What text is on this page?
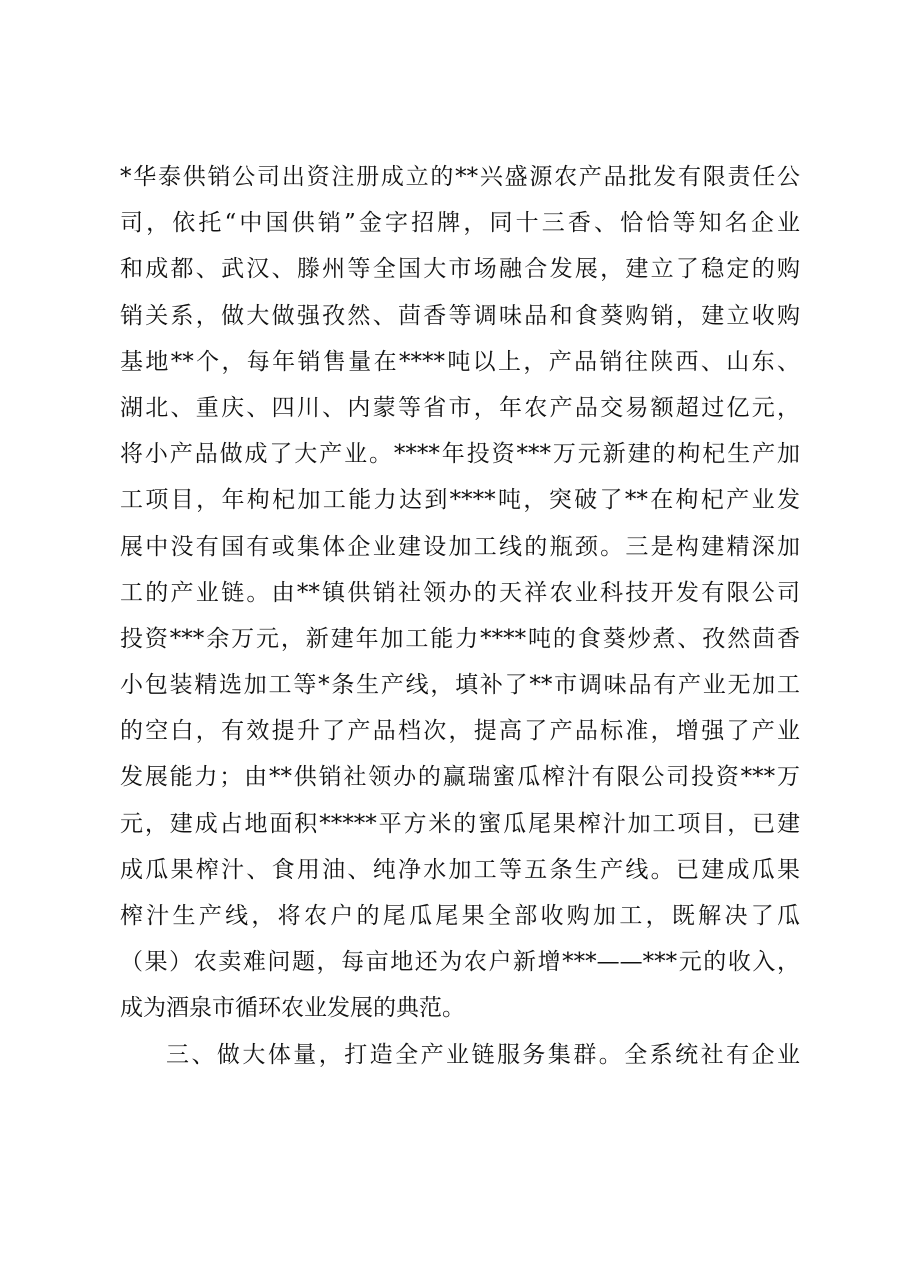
*华泰供销公司出资注册成立的**兴盛源农产品批发有限责任公
司，依托“中国供销”金字招牌，同十三香、恰恰等知名企业
和成都、武汉、滕州等全国大市场融合发展，建立了稳定的购
销关系，做大做强孜然、茴香等调味品和食葵购销，建立收购
基地**个，每年销售量在****吨以上，产品销往陕西、山东、
湖北、重庆、四川、内蒙等省市，年农产品交易额超过亿元，
将小产品做成了大产业。****年投资***万元新建的枸杞生产加
工项目，年枸杞加工能力达到****吨，突破了**在枸杞产业发
展中没有国有或集体企业建设加工线的瓶颈。三是构建精深加
工的产业链。由**镇供销社领办的天祥农业科技开发有限公司
投资***余万元，新建年加工能力****吨的食葵炒煮、孜然茴香
小包装精选加工等*条生产线，填补了**市调味品有产业无加工
的空白，有效提升了产品档次，提高了产品标准，增强了产业
发展能力；由**供销社领办的赢瑞蜜瓜榨汁有限公司投资***万
元，建成占地面积*****平方米的蜜瓜尾果榨汁加工项目，已建
成瓜果榨汁、食用油、纯净水加工等五条生产线。已建成瓜果
榨汁生产线，将农户的尾瓜尾果全部收购加工，既解决了瓜
（果）农卖难问题，每亩地还为农户新增***——***元的收入，
成为酒泉市循环农业发展的典范。
三、做大体量，打造全产业链服务集群。全系统社有企业
